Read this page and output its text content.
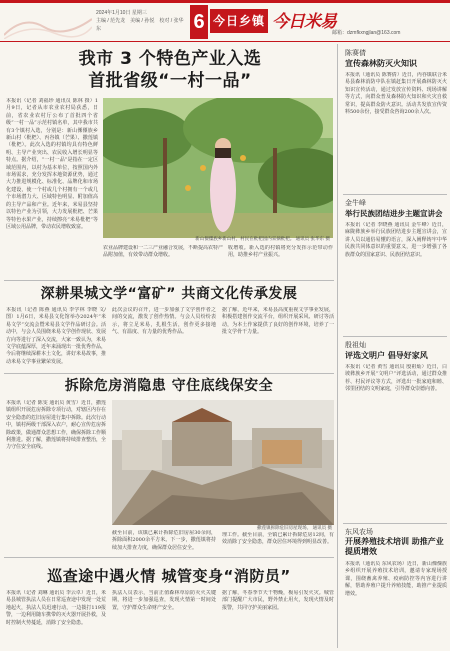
2024年1月10日 星期三
主编 / 范先龙　美编 / 孙悦　校对 / 张华东	6 今日乡镇 今日米易
邮箱：dzmfkxngjlan@163.com
我市 3 个特色产业入选
首批省级“一村一品”
本报讯（记者 刘福珍 通讯员 陈林 摄）1月9日，记者从市农业农村局获悉，日前，省农业农村厅公布了首批四个省级“一村一品”示范村镇名单，其中我市共有3个镇村入选，分别是：新山傈僳族乡新山村（枇杷）、丙谷镇（芒果）、撒莲镇（枇杷）。此次入选的村镇均具有特色鲜明、主导产业突出、农民收入增长明显等特点。据介绍，“一村一品”是指在一定区域范围内，以村为基本单位，按照国内外市场需求，充分发挥本地资源优势，通过大力推进规模化、标准化、品牌化和市场化建设，使一个村或几个村拥有一个或几个市场潜力大、区域特色明显、附加值高的主导产品和产业。近年来，米易县坚持以特色产业为引领，大力发展枇杷、芒果等特色水果产业，持续擦亮“米易枇杷”等区域公用品牌，带动农民增收致富。
新山傈僳族乡新山村，村民在枇杷园内采摘枇杷。 通讯员 张华东 摄
农业品牌建设和一二三产业融合发展，不断提高农特产品附加值，有效带动群众增收。
收增收。新入选的村镇将充分发挥示范带动作用，助推乡村产业振兴。
深耕果城文学“富矿” 共商文化传承发展
本报讯（记者 陈燕 通讯员 李学林 李晓 文/图）1月6日，米易县文化馆举办2024年“米易文学”交流会暨米易县文学作品研讨会。活动中，与会人员围绕米易文学创作现状、发展方向等进行了深入交流，大家一致认为，米易文学底蕴深厚，近年来涌现出一批优秀作品，今后将继续深耕本土文化，讲好米易故事，推动米易文学事业繁荣发展。
此次会议的召开，进一步加强了文学创作者之间的交流，激发了创作热情。与会人员纷纷表示，将立足米易，扎根生活，创作更多接地气、有温度、有力量的优秀作品。
据了解，近年来，米易县高度重视文学事业发展，积极搭建创作交流平台，组织开展采风、研讨等活动，为本土作家提供了良好的创作环境，培养了一批文学骨干力量。
拆除危房消隐患 守住底线保安全
本报讯（记者 陈雯 通讯员 黄雪）近日，撒莲镇组织开展危房拆除专项行动，对辖区内存在安全隐患的危旧房屋进行集中拆除。此次行动中，镇村两级干部深入农户，耐心宣传危房拆除政策，做通群众思想工作，确保拆除工作顺利推进。据了解，撒莲镇将持续排查整治，全力守住安全底线。
撒莲镇拆除危旧房屋现场。 通讯员 摄
截至目前，该镇已累计拆除危旧房屋30余间，拆除面积2000余平方米。下一步，撒莲镇将持续加大排查力度，确保群众居住安全。
理工作。截至目前，全镇已累计拆除危房12间，有效消除了安全隐患，群众居住环境得到明显改善。
巡查途中遇火情 城管变身“消防员”
本报讯（记者 刘琳 通讯员 李云卓）近日，米易县城管执法人员在日常巡查途中发现一处荒地起火，执法人员迅速行动，一边拨打119报警，一边利用随车携带的灭火器开展扑救，及时控制火势蔓延，消除了安全隐患。
执法人员表示，当前正值森林草原防灭火关键期，将进一步加强巡查，发现火情第一时间处置，守护群众生命财产安全。
据了解，冬春季节天干物燥，极易引发火灾。城管部门提醒广大市民，野外禁止用火，发现火情及时报警，共同守护美丽家园。
陈赛倩
宣传森林防灭火知识
本报讯（通讯员 陈赛倩）近日，丙谷镇联合米易县森林消防中队在镇赶集日开展森林防灭火知识宣传活动，通过发放宣传资料、现场讲解等方式，向群众普及森林防火知识和火灾自救常识，提高群众防火意识。活动共发放宣传资料500余份，接受群众咨询200余人次。
金牛峰
举行民族团结进步主题宣讲会
本报讯（记者 李晓燕 通讯员 金牛峰）近日，麻陇彝族乡举行民族团结进步主题宣讲会，宣讲人员以通俗易懂的语言，深入阐释铸牢中华民族共同体意识的重要意义，进一步增强了各族群众的国家意识、民族团结意识。
殷祖灿
评选文明户 倡导好家风
本报讯（记者 黄雪 通讯员 殷祖灿）近日，白坡彝族乡开展“文明户”评选活动，通过群众推荐、村民评议等方式，评选出一批家庭和睦、邻里团结的文明家庭，引导群众崇德向善。
东风农场
开展养殖技术培训 助推产业提质增效
本报讯（通讯员 东风农场）近日，新山傈僳族乡组织开展养殖技术培训，邀请专家现场授课，围绕畜禽养殖、疫病防控等内容进行讲解，帮助养殖户提升养殖技能，助推产业提质增效。
